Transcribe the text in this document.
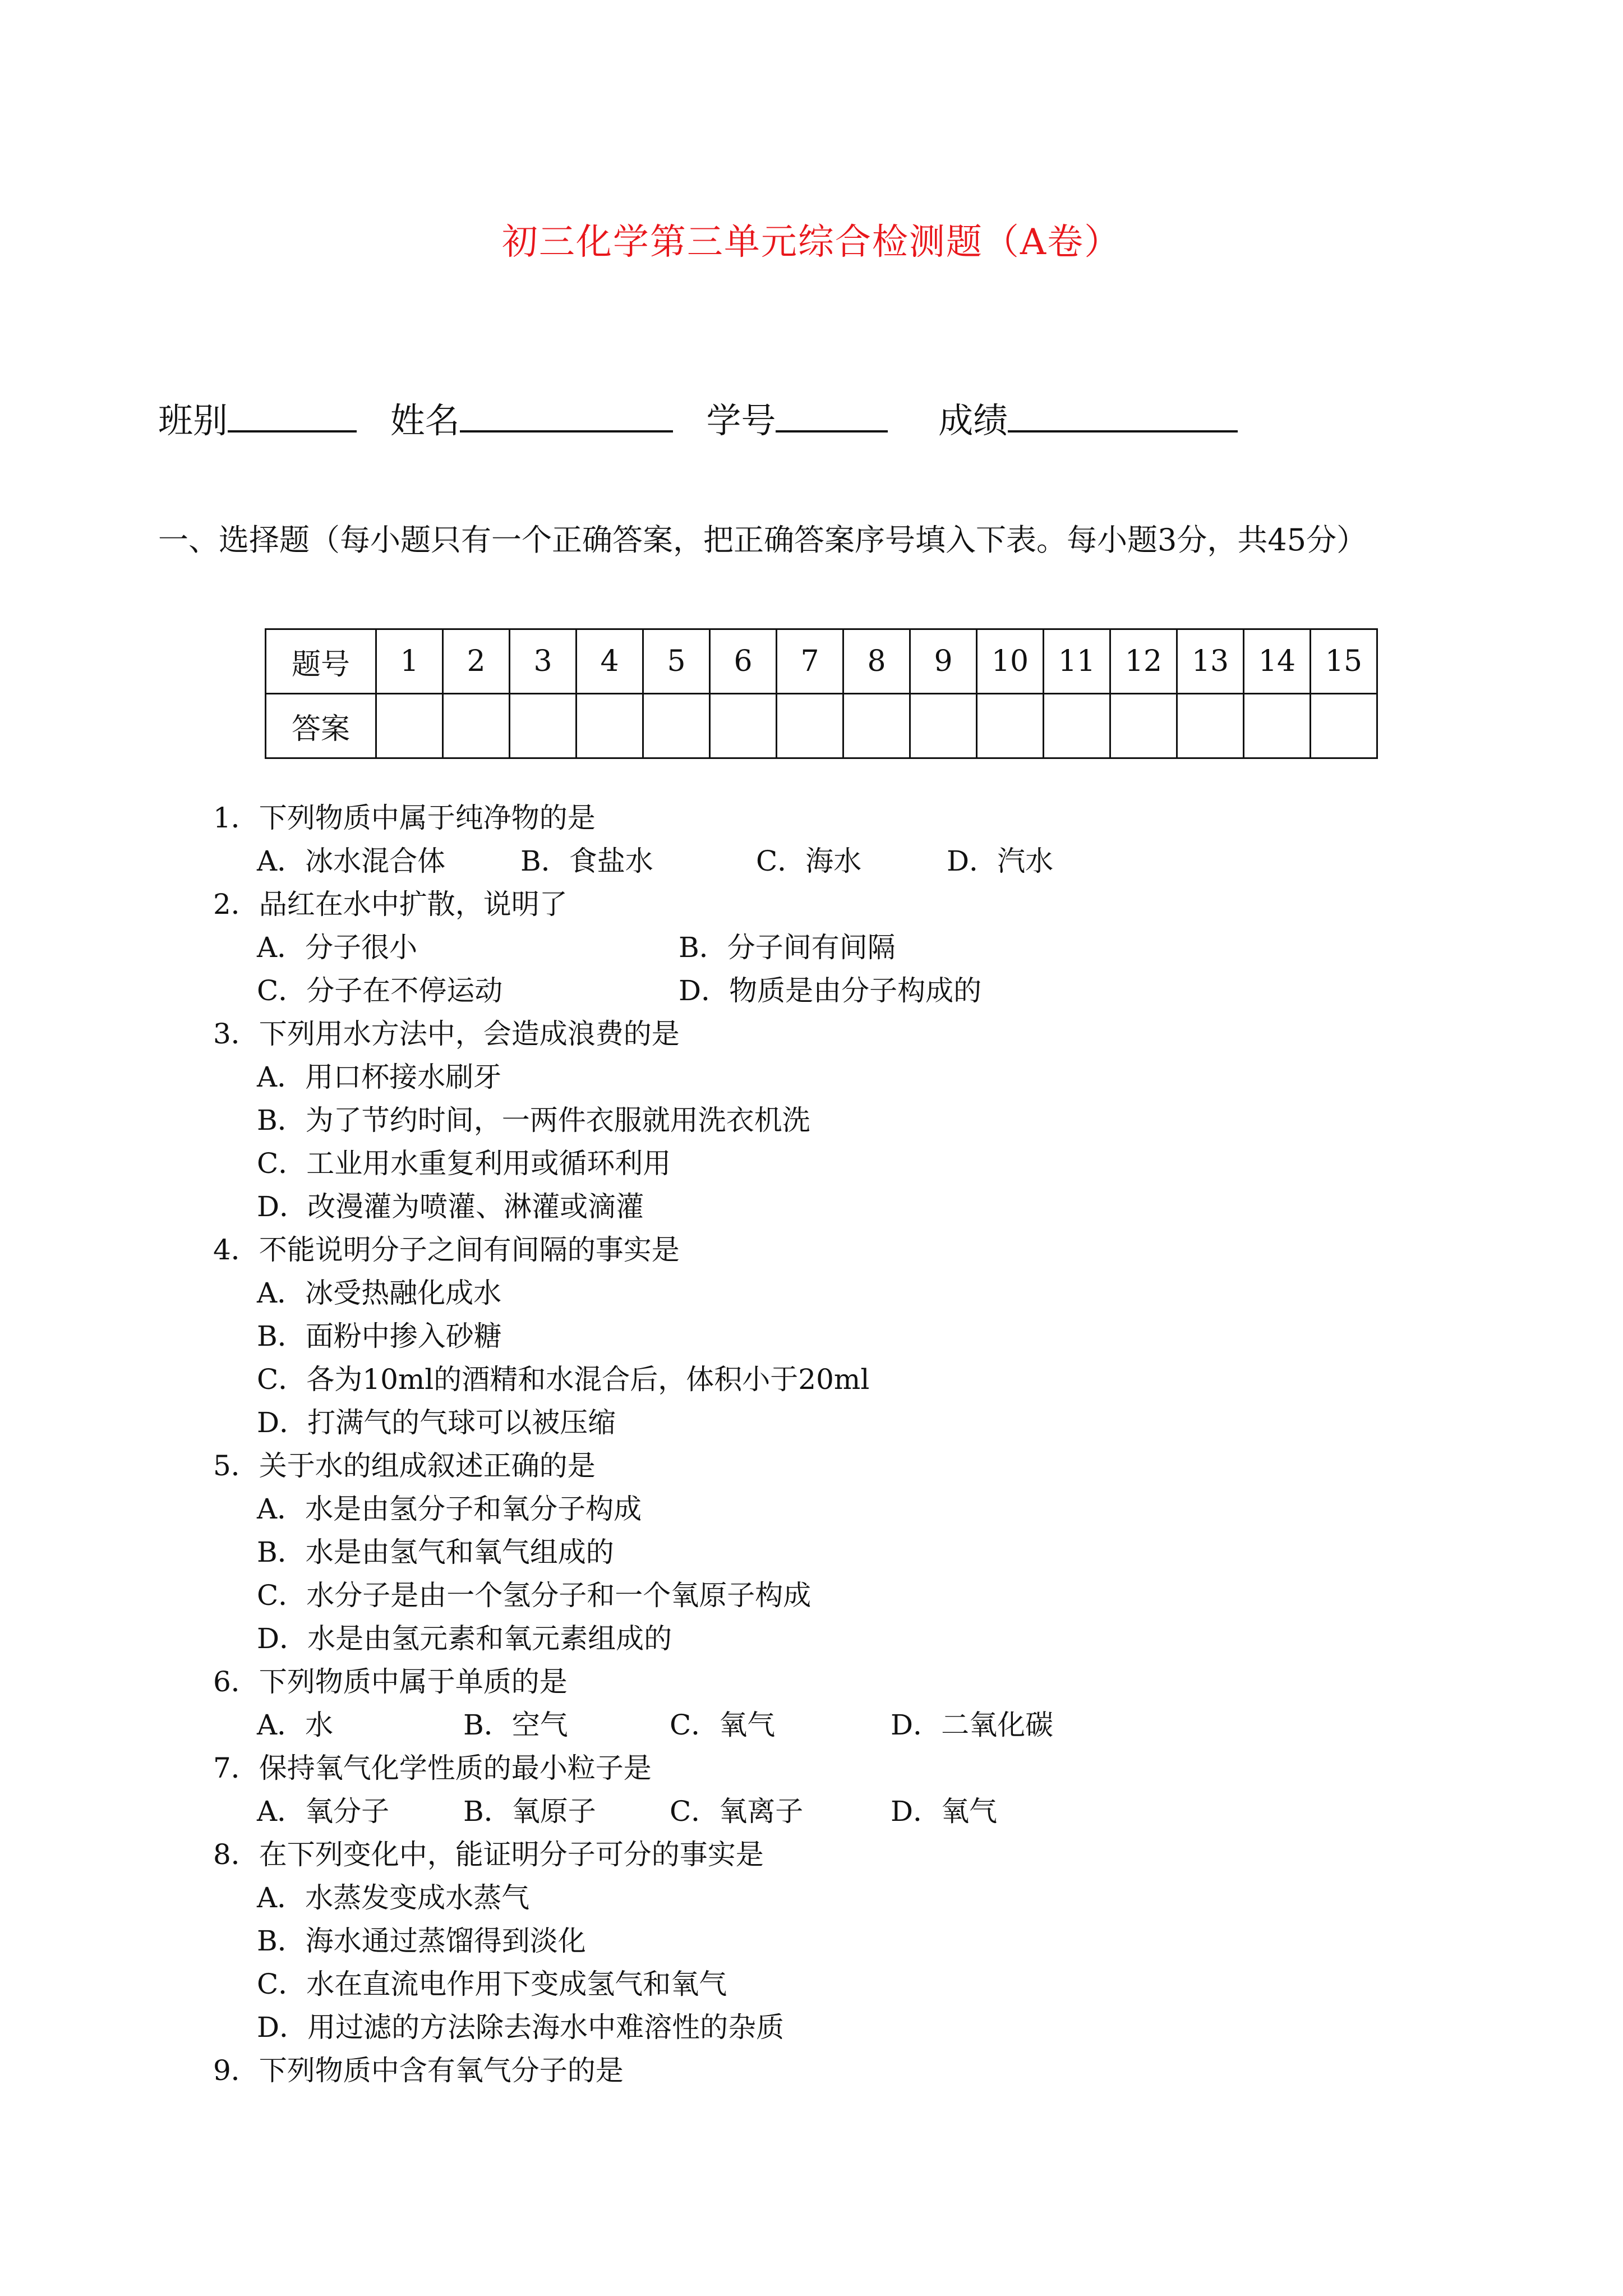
初三化学第三单元综合检测题（A卷）
班别	姓名	学号	成绩
一、选择题（每小题只有一个正确答案，把正确答案序号填入下表。每小题3分，共45分）
题号	1	2	3	4	5	6	7	8	9	10	11	12	13	14	15
答案															
1．下列物质中属于纯净物的是
A．冰水混合体	B．食盐水	C．海水	D．汽水
2．品红在水中扩散，说明了
A．分子很小	B．分子间有间隔
C．分子在不停运动	D．物质是由分子构成的
3．下列用水方法中，会造成浪费的是
A．用口杯接水刷牙
B．为了节约时间，一两件衣服就用洗衣机洗
C．工业用水重复利用或循环利用
D．改漫灌为喷灌、淋灌或滴灌
4．不能说明分子之间有间隔的事实是
A．冰受热融化成水
B．面粉中掺入砂糖
C．各为10ml的酒精和水混合后，体积小于20ml
D．打满气的气球可以被压缩
5．关于水的组成叙述正确的是
A．水是由氢分子和氧分子构成
B．水是由氢气和氧气组成的
C．水分子是由一个氢分子和一个氧原子构成
D．水是由氢元素和氧元素组成的
6．下列物质中属于单质的是
A．水	B．空气	C．氧气	D．二氧化碳
7．保持氧气化学性质的最小粒子是
A．氧分子	B．氧原子	C．氧离子	D．氧气
8．在下列变化中，能证明分子可分的事实是
A．水蒸发变成水蒸气
B．海水通过蒸馏得到淡化
C．水在直流电作用下变成氢气和氧气
D．用过滤的方法除去海水中难溶性的杂质
9．下列物质中含有氧气分子的是
